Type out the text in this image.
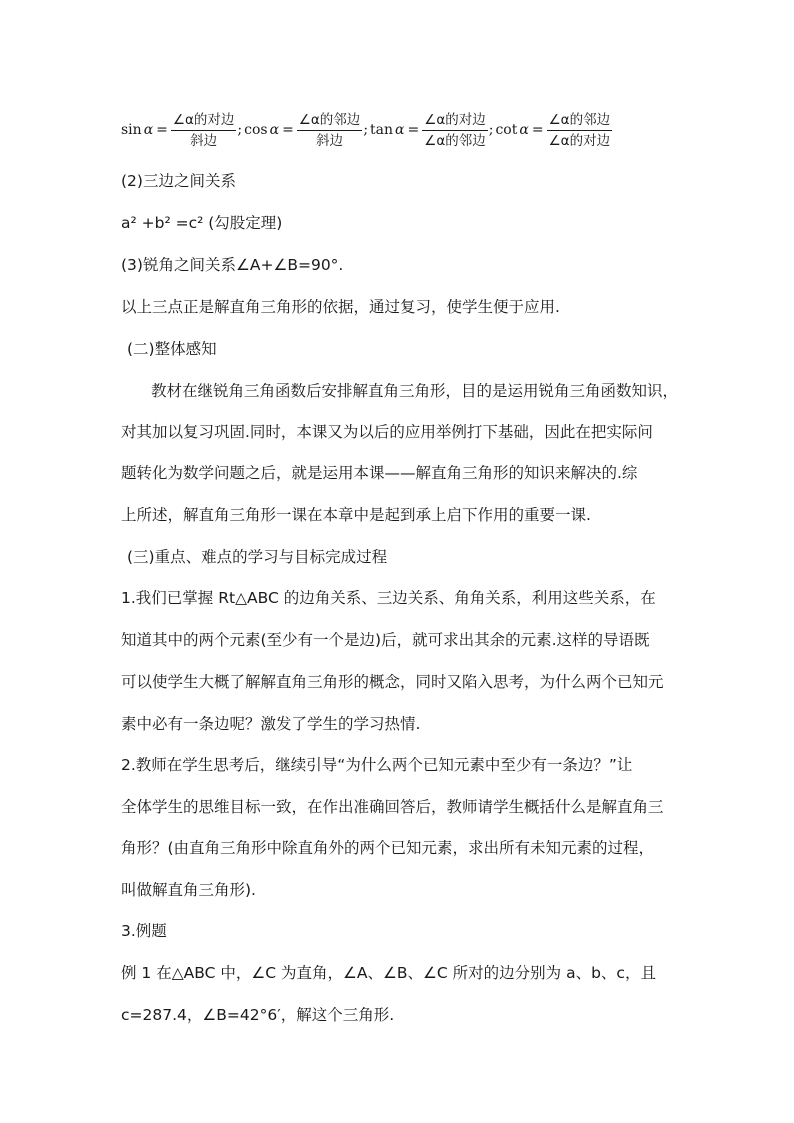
$\sin \alpha = \frac{\text{∠α的对边}}{\text{斜边}}$ ; $\cos \alpha = \frac{\text{∠α的邻边}}{\text{斜边}}$ ; $\tan \alpha = \frac{\text{∠α的对边}}{\text{∠α的邻边}}$ ; $\cot \alpha = \frac{\text{∠α的邻边}}{\text{∠α的对边}}$
(2)三边之间关系
a² +b² =c² (勾股定理)
(3)锐角之间关系∠A+∠B=90°.
以上三点正是解直角三角形的依据，通过复习，使学生便于应用.
(二)整体感知
教材在继锐角三角函数后安排解直角三角形，目的是运用锐角三角函数知识，
对其加以复习巩固.同时，本课又为以后的应用举例打下基础，因此在把实际问
题转化为数学问题之后，就是运用本课——解直角三角形的知识来解决的.综
上所述，解直角三角形一课在本章中是起到承上启下作用的重要一课.
(三)重点、难点的学习与目标完成过程
1.我们已掌握 Rt△ABC 的边角关系、三边关系、角角关系，利用这些关系，在
知道其中的两个元素(至少有一个是边)后，就可求出其余的元素.这样的导语既
可以使学生大概了解解直角三角形的概念，同时又陷入思考，为什么两个已知元
素中必有一条边呢？激发了学生的学习热情.
2.教师在学生思考后，继续引导“为什么两个已知元素中至少有一条边？”让
全体学生的思维目标一致，在作出准确回答后，教师请学生概括什么是解直角三
角形？(由直角三角形中除直角外的两个已知元素，求出所有未知元素的过程，
叫做解直角三角形).
3.例题
例 1 在△ABC 中，∠C 为直角，∠A、∠B、∠C 所对的边分别为 a、b、c，且
c=287.4，∠B=42°6′，解这个三角形.
